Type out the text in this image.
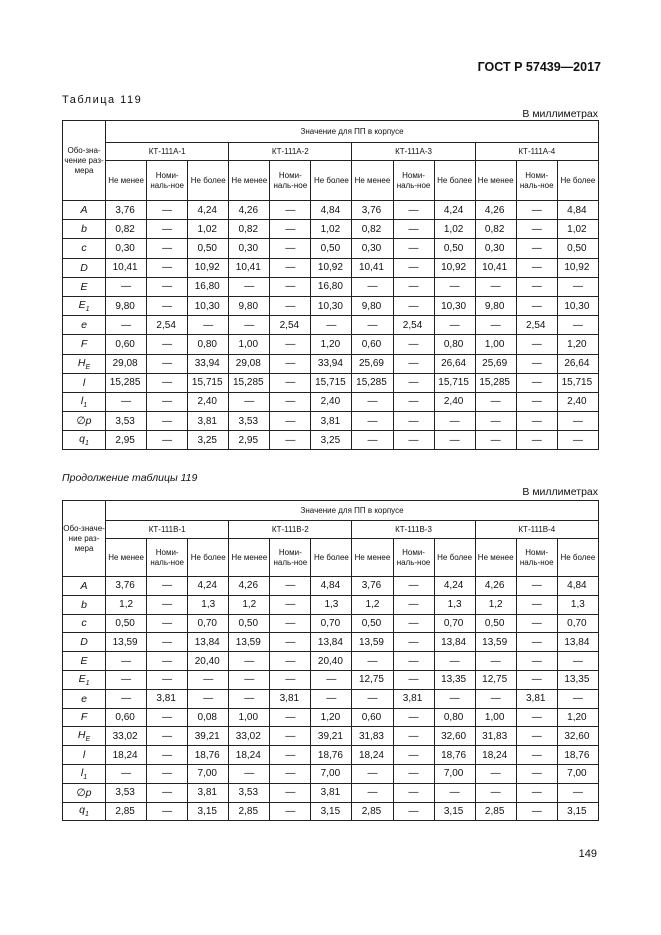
ГОСТ Р 57439—2017
Таблица 119
В миллиметрах
Обо-зна-чение раз-мера	Значение для ПП в корпусе											
	КТ-111А-1			КТ-111А-2			КТ-111А-3			КТ-111А-4		
	Не менее	Номи-наль-ное	Не более	Не менее	Номи-наль-ное	Не более	Не менее	Номи-наль-ное	Не более	Не менее	Номи-наль-ное	Не более
A	3,76	—	4,24	4,26	—	4,84	3,76	—	4,24	4,26	—	4,84
b	0,82	—	1,02	0,82	—	1,02	0,82	—	1,02	0,82	—	1,02
c	0,30	—	0,50	0,30	—	0,50	0,30	—	0,50	0,30	—	0,50
D	10,41	—	10,92	10,41	—	10,92	10,41	—	10,92	10,41	—	10,92
E	—	—	16,80	—	—	16,80	—	—	—	—	—	—
$E_1$	9,80	—	10,30	9,80	—	10,30	9,80	—	10,30	9,80	—	10,30
e	—	2,54	—	—	2,54	—	—	2,54	—	—	2,54	—
F	0,60	—	0,80	1,00	—	1,20	0,60	—	0,80	1,00	—	1,20
$H_E$	29,08	—	33,94	29,08	—	33,94	25,69	—	26,64	25,69	—	26,64
l	15,285	—	15,715	15,285	—	15,715	15,285	—	15,715	15,285	—	15,715
$l_1$	—	—	2,40	—	—	2,40	—	—	2,40	—	—	2,40
∅p	3,53	—	3,81	3,53	—	3,81	—	—	—	—	—	—
$q_1$	2,95	—	3,25	2,95	—	3,25	—	—	—	—	—	—
Продолжение таблицы 119
В миллиметрах
Обо-значе-ние раз-мера	Значение для ПП в корпусе											
	КТ-111В-1			КТ-111В-2			КТ-111В-3			КТ-111В-4		
	Не менее	Номи-наль-ное	Не более	Не менее	Номи-наль-ное	Не более	Не менее	Номи-наль-ное	Не более	Не менее	Номи-наль-ное	Не более
A	3,76	—	4,24	4,26	—	4,84	3,76	—	4,24	4,26	—	4,84
b	1,2	—	1,3	1,2	—	1,3	1,2	—	1,3	1,2	—	1,3
c	0,50	—	0,70	0,50	—	0,70	0,50	—	0,70	0,50	—	0,70
D	13,59	—	13,84	13,59	—	13,84	13,59	—	13,84	13,59	—	13,84
E	—	—	20,40	—	—	20,40	—	—	—	—	—	—
$E_1$	—	—	—	—	—	—	12,75	—	13,35	12,75	—	13,35
e	—	3,81	—	—	3,81	—	—	3,81	—	—	3,81	—
F	0,60	—	0,08	1,00	—	1,20	0,60	—	0,80	1,00	—	1,20
$H_E$	33,02	—	39,21	33,02	—	39,21	31,83	—	32,60	31,83	—	32,60
l	18,24	—	18,76	18,24	—	18,76	18,24	—	18,76	18,24	—	18,76
$l_1$	—	—	7,00	—	—	7,00	—	—	7,00	—	—	7,00
∅p	3,53	—	3,81	3,53	—	3,81	—	—	—	—	—	—
$q_1$	2,85	—	3,15	2,85	—	3,15	2,85	—	3,15	2,85	—	3,15
149
